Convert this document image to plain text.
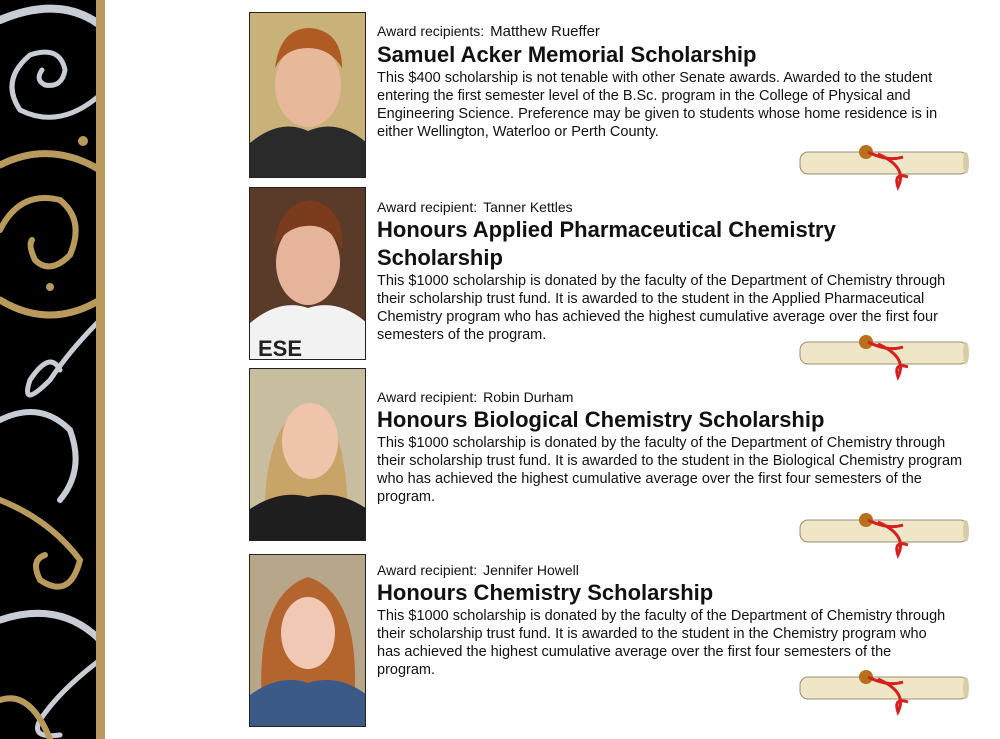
ESE
Award recipients: Matthew Rueffer
Samuel Acker Memorial Scholarship
This $400 scholarship is not tenable with other Senate awards. Awarded to the student entering the first semester level of the B.Sc. program in the College of Physical and Engineering Science. Preference may be given to students whose home residence is in either Wellington, Waterloo or Perth County.
Award recipient: Tanner Kettles
Honours Applied Pharmaceutical Chemistry Scholarship
This $1000 scholarship is donated by the faculty of the Department of Chemistry through their scholarship trust fund. It is awarded to the student in the Applied Pharmaceutical Chemistry program who has achieved the highest cumulative average over the first four semesters of the program.
Award recipient: Robin Durham
Honours Biological Chemistry Scholarship
This $1000 scholarship is donated by the faculty of the Department of Chemistry through their scholarship trust fund. It is awarded to the student in the Biological Chemistry program who has achieved the highest cumulative average over the first four semesters of the program.
Award recipient: Jennifer Howell
Honours Chemistry Scholarship
This $1000 scholarship is donated by the faculty of the Department of Chemistry through their scholarship trust fund. It is awarded to the student in the Chemistry program who has achieved the highest cumulative average over the first four semesters of the program.
